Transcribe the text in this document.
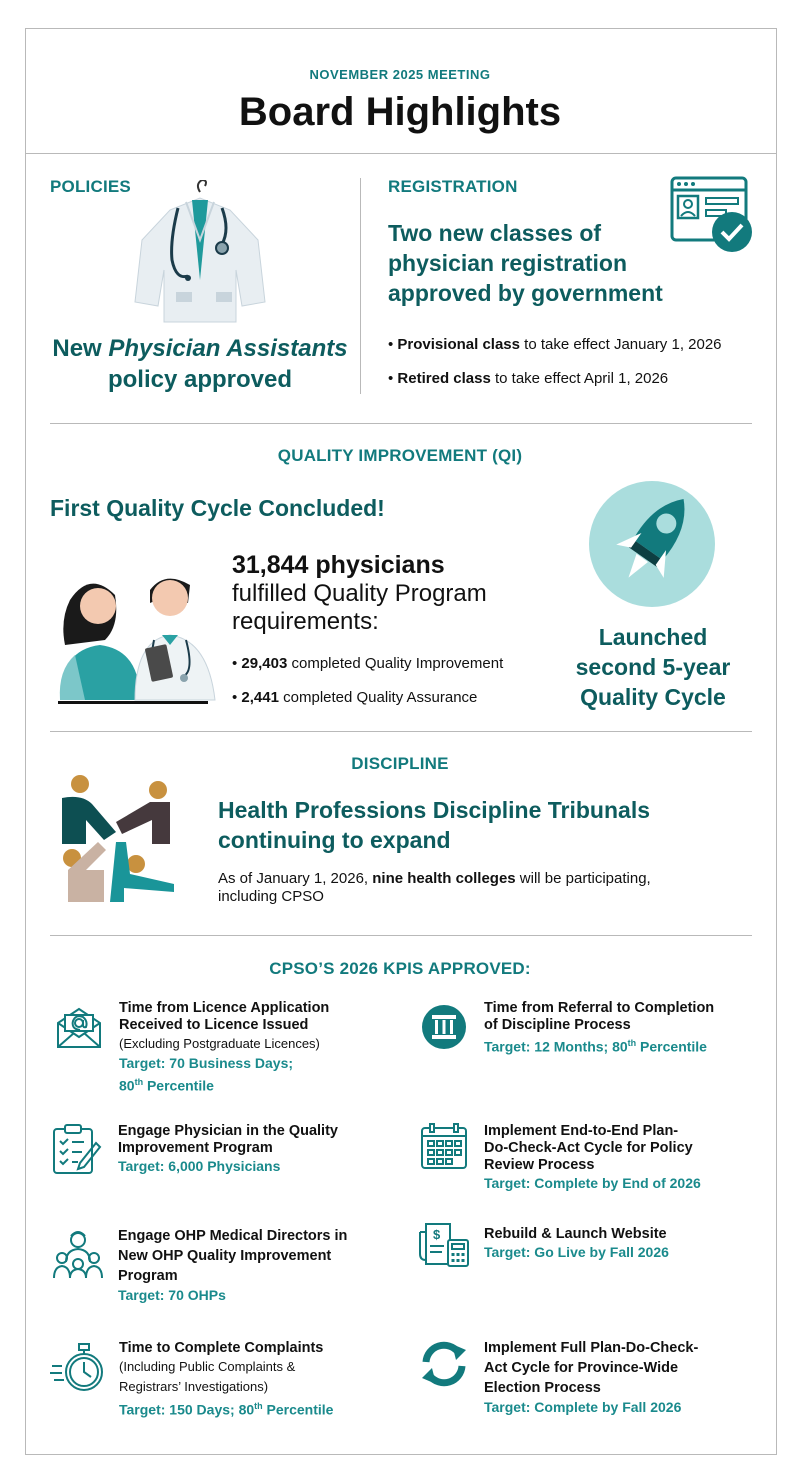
NOVEMBER 2025 MEETING
Board Highlights
POLICIES
New Physician Assistants
policy approved
REGISTRATION
Two new classes of
physician registration
approved by government
• Provisional class to take effect January 1, 2026
• Retired class to take effect April 1, 2026
QUALITY IMPROVEMENT (QI)
First Quality Cycle Concluded!
31,844 physicians
fulfilled Quality Program
requirements:
• 29,403 completed Quality Improvement
• 2,441 completed Quality Assurance
Launched
second 5-year
Quality Cycle
DISCIPLINE
Health Professions Discipline Tribunals
continuing to expand
As of January 1, 2026, nine health colleges will be participating,
including CPSO
CPSO’S 2026 KPIS APPROVED:
Time from Licence Application
Received to Licence Issued
(Excluding Postgraduate Licences)
Target: 70 Business Days;
80th Percentile
Time from Referral to Completion
of Discipline Process
Target: 12 Months; 80th Percentile
Engage Physician in the Quality
Improvement Program
Target: 6,000 Physicians
Implement End-to-End Plan-
Do-Check-Act Cycle for Policy
Review Process
Target: Complete by End of 2026
Engage OHP Medical Directors in
New OHP Quality Improvement
Program
Target: 70 OHPs
$	Rebuild & Launch Website
Target: Go Live by Fall 2026
Time to Complete Complaints
(Including Public Complaints &
Registrars’ Investigations)
Target: 150 Days; 80th Percentile
Implement Full Plan-Do-Check-
Act Cycle for Province-Wide
Election Process
Target: Complete by Fall 2026
